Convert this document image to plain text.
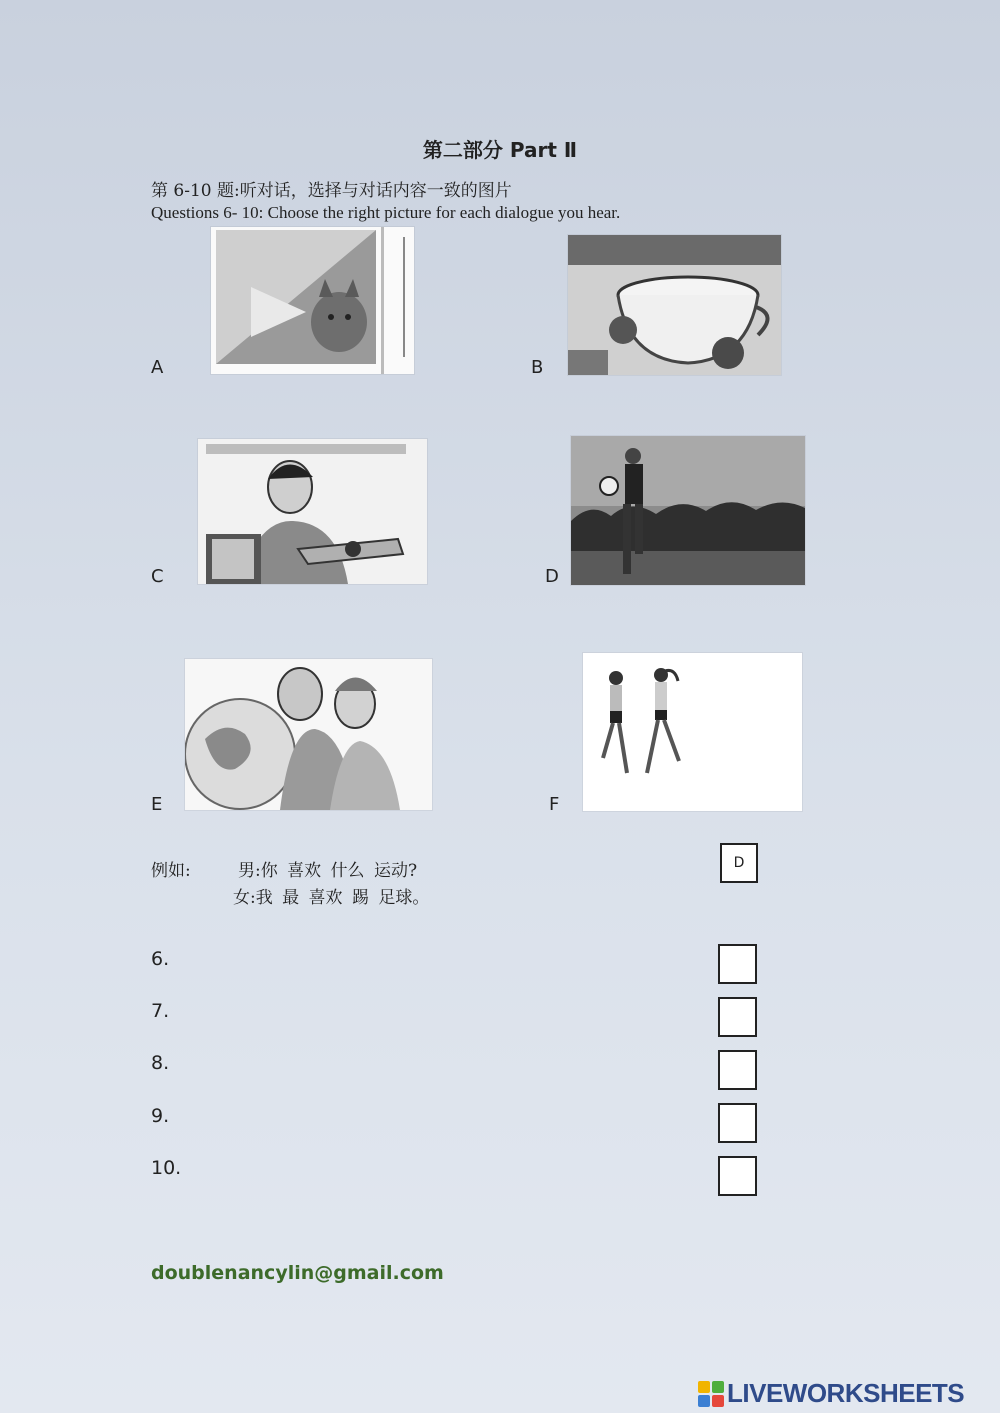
第二部分 Part Ⅱ
第 6-10 题:听对话，选择与对话内容一致的图片
Questions 6- 10: Choose the right picture for each dialogue you hear.
A	B
C	D
E	F
例如:	男:你 喜欢 什么 运动?
女:我 最 喜欢 踢 足球。
D
6.
7.
8.
9.
10.
doublenancylin@gmail.com
LIVEWORKSHEETS
